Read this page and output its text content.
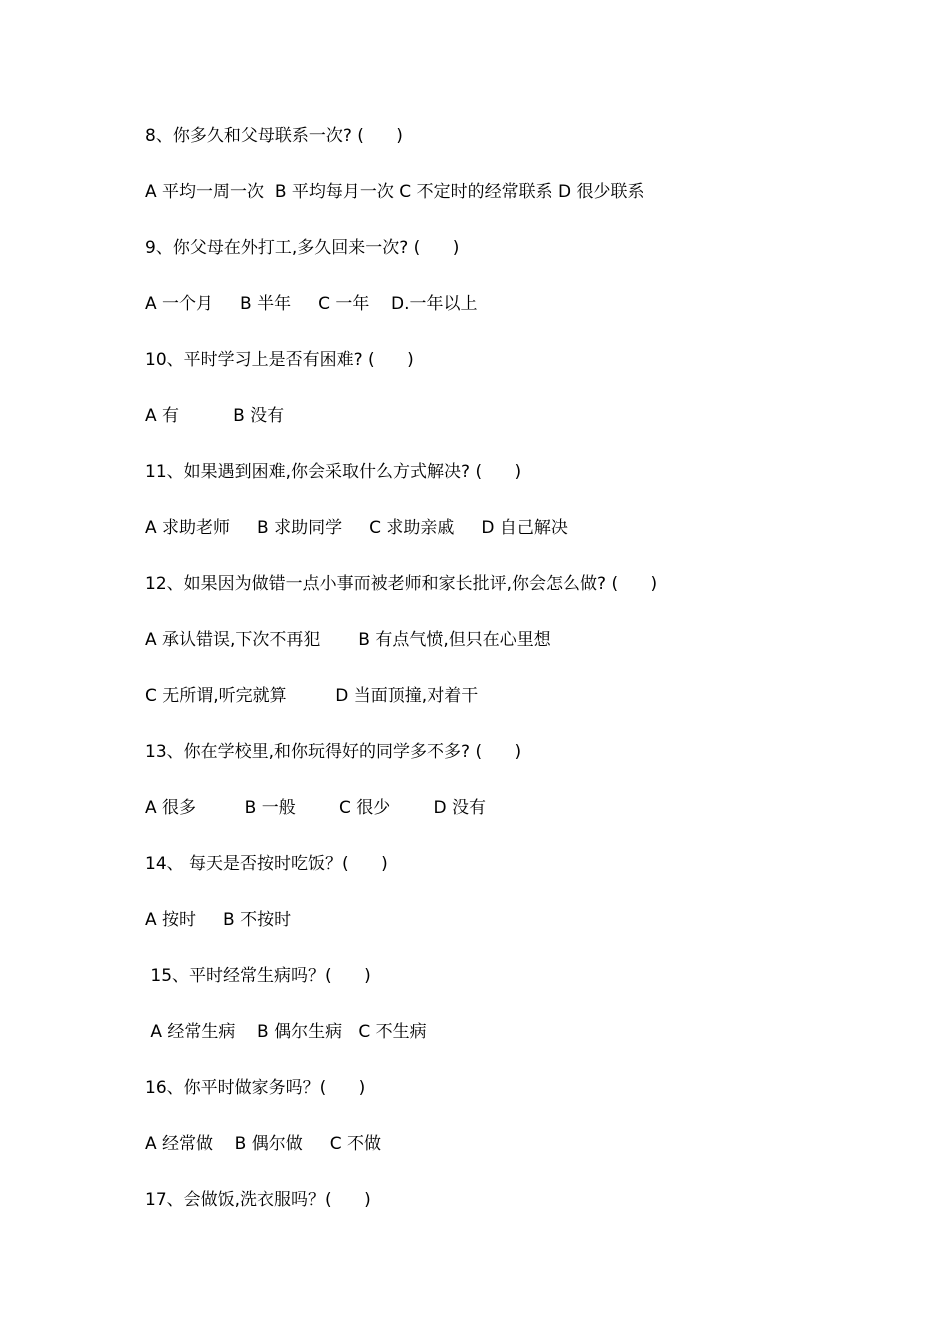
8、你多久和父母联系一次? (      )
A 平均一周一次  B 平均每月一次 C 不定时的经常联系 D 很少联系
9、你父母在外打工,多久回来一次? (      )
A 一个月     B 半年     C 一年    D.一年以上
10、平时学习上是否有困难? (      )
A 有          B 没有
11、如果遇到困难,你会采取什么方式解决? (      )
A 求助老师     B 求助同学     C 求助亲戚     D 自己解决
12、如果因为做错一点小事而被老师和家长批评,你会怎么做? (      )
A 承认错误,下次不再犯       B 有点气愤,但只在心里想
C 无所谓,听完就算         D 当面顶撞,对着干
13、你在学校里,和你玩得好的同学多不多? (      )
A 很多         B 一般        C 很少        D 没有
14、 每天是否按时吃饭？(      )
A 按时     B 不按时
15、平时经常生病吗？(      )
A 经常生病    B 偶尔生病   C 不生病
16、你平时做家务吗？(      )
A 经常做    B 偶尔做     C 不做
17、会做饭,洗衣服吗？(      )
